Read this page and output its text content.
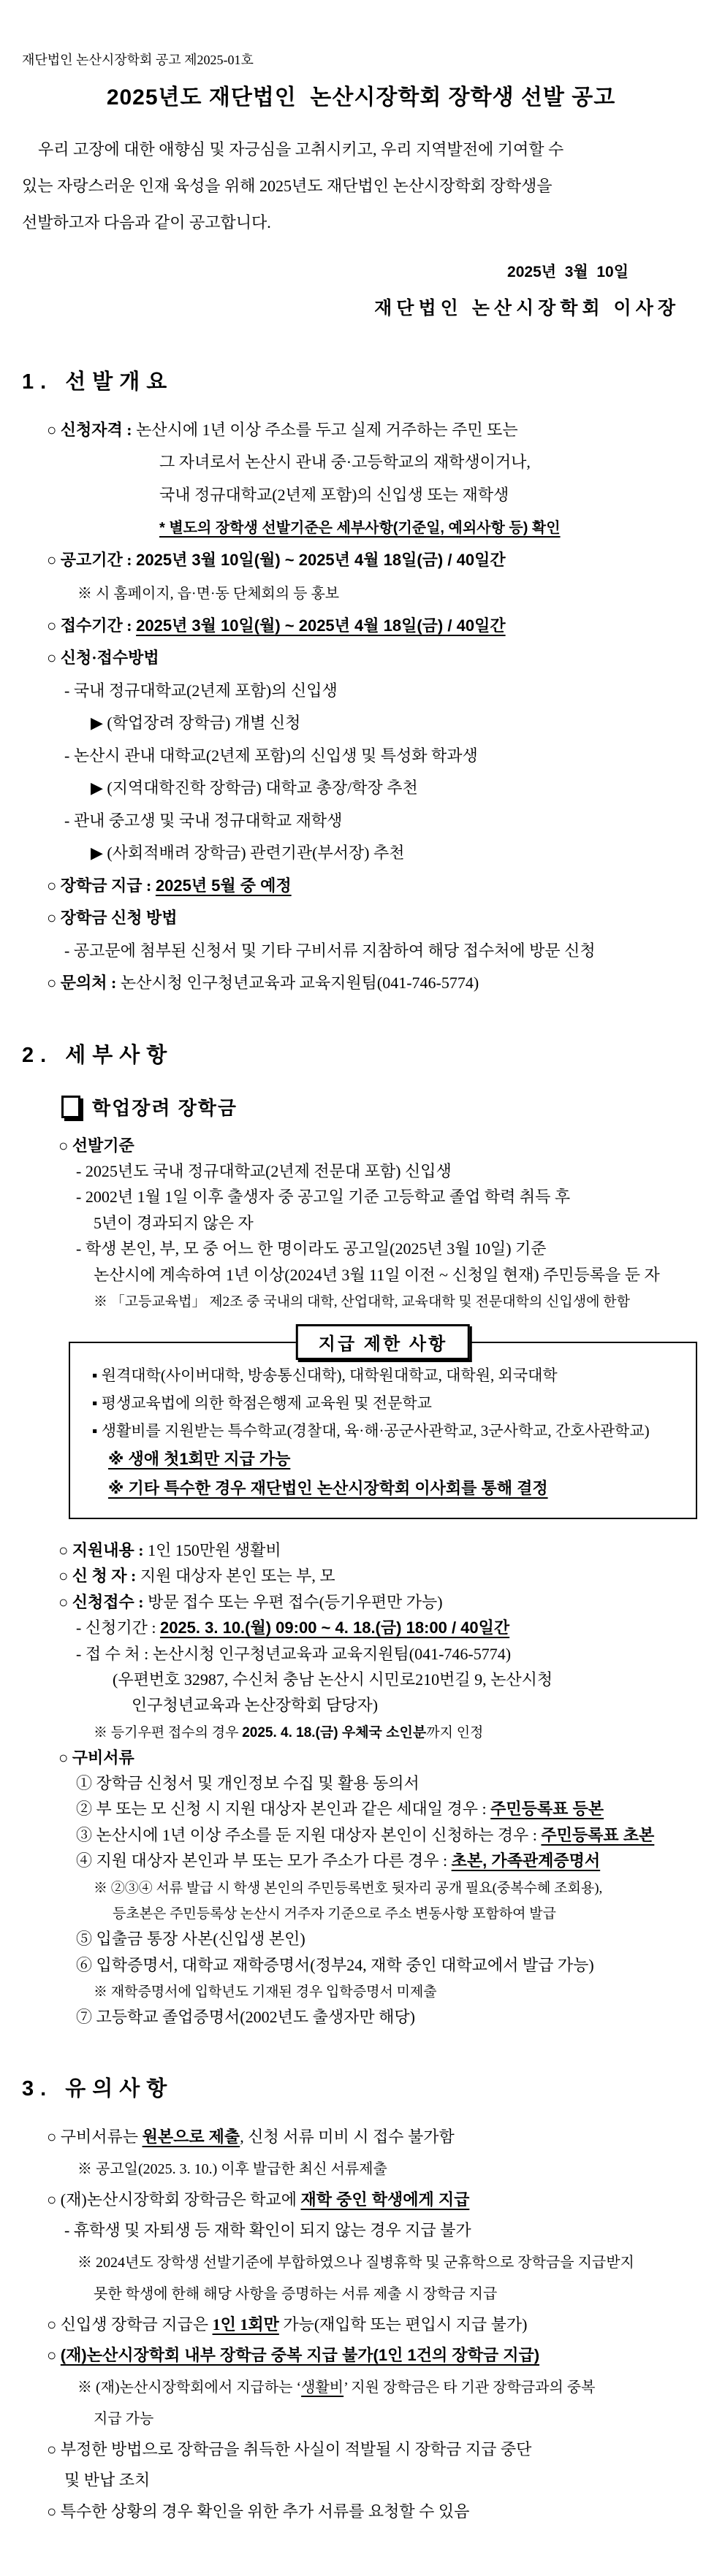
재단법인 논산시장학회 공고 제2025-01호
2025년도 재단법인  논산시장학회 장학생 선발 공고
우리 고장에 대한 애향심 및 자긍심을 고취시키고, 우리 지역발전에 기여할 수
있는 자랑스러운 인재 육성을 위해 2025년도 재단법인 논산시장학회 장학생을
선발하고자 다음과 같이 공고합니다.
2025년  3월  10일
재단법인 논산시장학회 이사장
1. 선발개요
○ 신청자격 : 논산시에 1년 이상 주소를 두고 실제 거주하는 주민 또는
그 자녀로서 논산시 관내 중·고등학교의 재학생이거나,
국내 정규대학교(2년제 포함)의 신입생 또는 재학생
* 별도의 장학생 선발기준은 세부사항(기준일, 예외사항 등) 확인
○ 공고기간 : 2025년 3월 10일(월) ~ 2025년 4월 18일(금) / 40일간
※ 시 홈페이지, 읍·면·동 단체회의 등 홍보
○ 접수기간 : 2025년 3월 10일(월) ~ 2025년 4월 18일(금) / 40일간
○ 신청·접수방법
- 국내 정규대학교(2년제 포함)의 신입생
▶ (학업장려 장학금) 개별 신청
- 논산시 관내 대학교(2년제 포함)의 신입생 및 특성화 학과생
▶ (지역대학진학 장학금) 대학교 총장/학장 추천
- 관내 중고생 및 국내 정규대학교 재학생
▶ (사회적배려 장학금) 관련기관(부서장) 추천
○ 장학금 지급 : 2025년 5월 중 예정
○ 장학금 신청 방법
- 공고문에 첨부된 신청서 및 기타 구비서류 지참하여 해당 접수처에 방문 신청
○ 문의처 : 논산시청 인구청년교육과 교육지원팀(041-746-5774)
2. 세부사항
학업장려 장학금
○ 선발기준
- 2025년도 국내 정규대학교(2년제 전문대 포함) 신입생
- 2002년 1월 1일 이후 출생자 중 공고일 기준 고등학교 졸업 학력 취득 후
5년이 경과되지 않은 자
- 학생 본인, 부, 모 중 어느 한 명이라도 공고일(2025년 3월 10일) 기준
논산시에 계속하여 1년 이상(2024년 3월 11일 이전 ~ 신청일 현재) 주민등록을 둔 자
※ 「고등교육법」 제2조 중 국내의 대학, 산업대학, 교육대학 및 전문대학의 신입생에 한함
지급 제한 사항
▪ 원격대학(사이버대학, 방송통신대학), 대학원대학교, 대학원, 외국대학
▪ 평생교육법에 의한 학점은행제 교육원 및 전문학교
▪ 생활비를 지원받는 특수학교(경찰대, 육·해·공군사관학교, 3군사학교, 간호사관학교)
※ 생애 첫1회만 지급 가능
※ 기타 특수한 경우 재단법인 논산시장학회 이사회를 통해 결정
○ 지원내용 : 1인 150만원 생활비
○ 신 청 자 : 지원 대상자 본인 또는 부, 모
○ 신청접수 : 방문 접수 또는 우편 접수(등기우편만 가능)
- 신청기간 : 2025. 3. 10.(월) 09:00 ~ 4. 18.(금) 18:00 / 40일간
- 접 수 처 : 논산시청 인구청년교육과 교육지원팀(041-746-5774)
(우편번호 32987, 수신처 충남 논산시 시민로210번길 9, 논산시청
인구청년교육과 논산장학회 담당자)
※ 등기우편 접수의 경우 2025. 4. 18.(금) 우체국 소인분까지 인정
○ 구비서류
① 장학금 신청서 및 개인정보 수집 및 활용 동의서
② 부 또는 모 신청 시 지원 대상자 본인과 같은 세대일 경우 : 주민등록표 등본
③ 논산시에 1년 이상 주소를 둔 지원 대상자 본인이 신청하는 경우 : 주민등록표 초본
④ 지원 대상자 본인과 부 또는 모가 주소가 다른 경우 : 초본, 가족관계증명서
※ ②③④ 서류 발급 시 학생 본인의 주민등록번호 뒷자리 공개 필요(중복수혜 조회용),
등초본은 주민등록상 논산시 거주자 기준으로 주소 변동사항 포함하여 발급
⑤ 입출금 통장 사본(신입생 본인)
⑥ 입학증명서, 대학교 재학증명서(정부24, 재학 중인 대학교에서 발급 가능)
※ 재학증명서에 입학년도 기재된 경우 입학증명서 미제출
⑦ 고등학교 졸업증명서(2002년도 출생자만 해당)
3. 유의사항
○ 구비서류는 원본으로 제출, 신청 서류 미비 시 접수 불가함
※ 공고일(2025. 3. 10.) 이후 발급한 최신 서류제출
○ (재)논산시장학회 장학금은 학교에 재학 중인 학생에게 지급
- 휴학생 및 자퇴생 등 재학 확인이 되지 않는 경우 지급 불가
※ 2024년도 장학생 선발기준에 부합하였으나 질병휴학 및 군휴학으로 장학금을 지급받지
못한 학생에 한해 해당 사항을 증명하는 서류 제출 시 장학금 지급
○ 신입생 장학금 지급은 1인 1회만 가능(재입학 또는 편입시 지급 불가)
○ (재)논산시장학회 내부 장학금 중복 지급 불가(1인 1건의 장학금 지급)
※ (재)논산시장학회에서 지급하는 ‘생활비’ 지원 장학금은 타 기관 장학금과의 중복
지급 가능
○ 부정한 방법으로 장학금을 취득한 사실이 적발될 시 장학금 지급 중단
및 반납 조치
○ 특수한 상황의 경우 확인을 위한 추가 서류를 요청할 수 있음
